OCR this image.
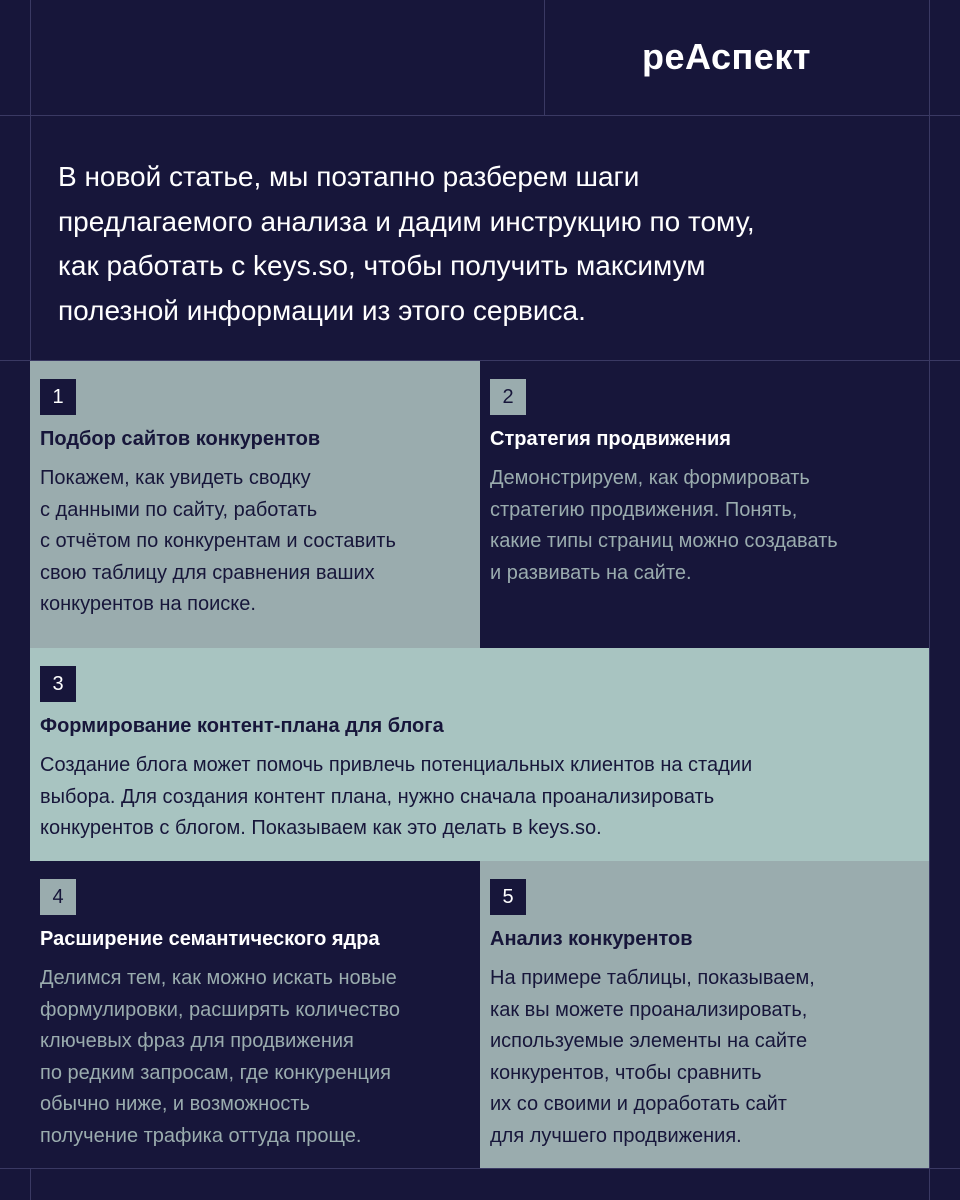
реАспект
В новой статье, мы поэтапно разберем шаги
предлагаемого анализа и дадим инструкцию по тому,
как работать с keys.so, чтобы получить максимум
полезной информации из этого сервиса.
1
Подбор сайтов конкурентов
Покажем, как увидеть сводку
с данными по сайту, работать
с отчётом по конкурентам и составить
свою таблицу для сравнения ваших
конкурентов на поиске.
2
Стратегия продвижения
Демонстрируем, как формировать
стратегию продвижения. Понять,
какие типы страниц можно создавать
и развивать на сайте.
3
Формирование контент-плана для блога
Создание блога может помочь привлечь потенциальных клиентов на стадии
выбора. Для создания контент плана, нужно сначала проанализировать
конкурентов с блогом. Показываем как это делать в keys.so.
4
Расширение семантического ядра
Делимся тем, как можно искать новые
формулировки, расширять количество
ключевых фраз для продвижения
по редким запросам, где конкуренция
обычно ниже, и возможность
получение трафика оттуда проще.
5
Анализ конкурентов
На примере таблицы, показываем,
как вы можете проанализировать,
используемые элементы на сайте
конкурентов, чтобы сравнить
их со своими и доработать сайт
для лучшего продвижения.
